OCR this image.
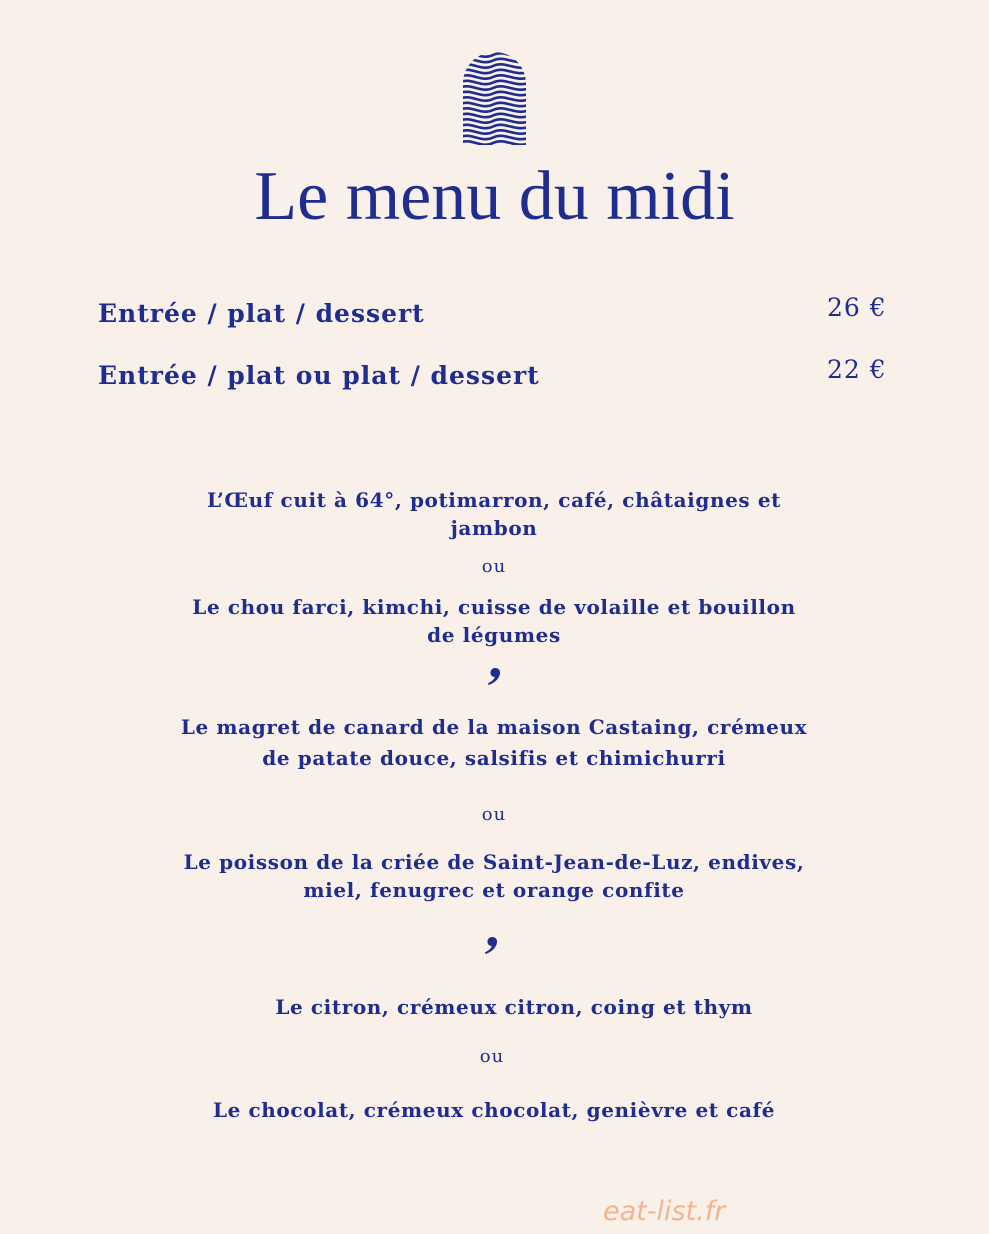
Le menu du midi
Entrée / plat / dessert	26 €
Entrée / plat ou plat / dessert	22 €
L’Œuf cuit à 64°, potimarron, café, châtaignes et
jambon
ou
Le chou farci, kimchi, cuisse de volaille et bouillon
de légumes
Le magret de canard de la maison Castaing, crémeux
de patate douce, salsifis et chimichurri
ou
Le poisson de la criée de Saint-Jean-de-Luz, endives,
miel, fenugrec et orange confite
Le citron, crémeux citron, coing et thym
ou
Le chocolat, crémeux chocolat, genièvre et café
eat-list.fr
